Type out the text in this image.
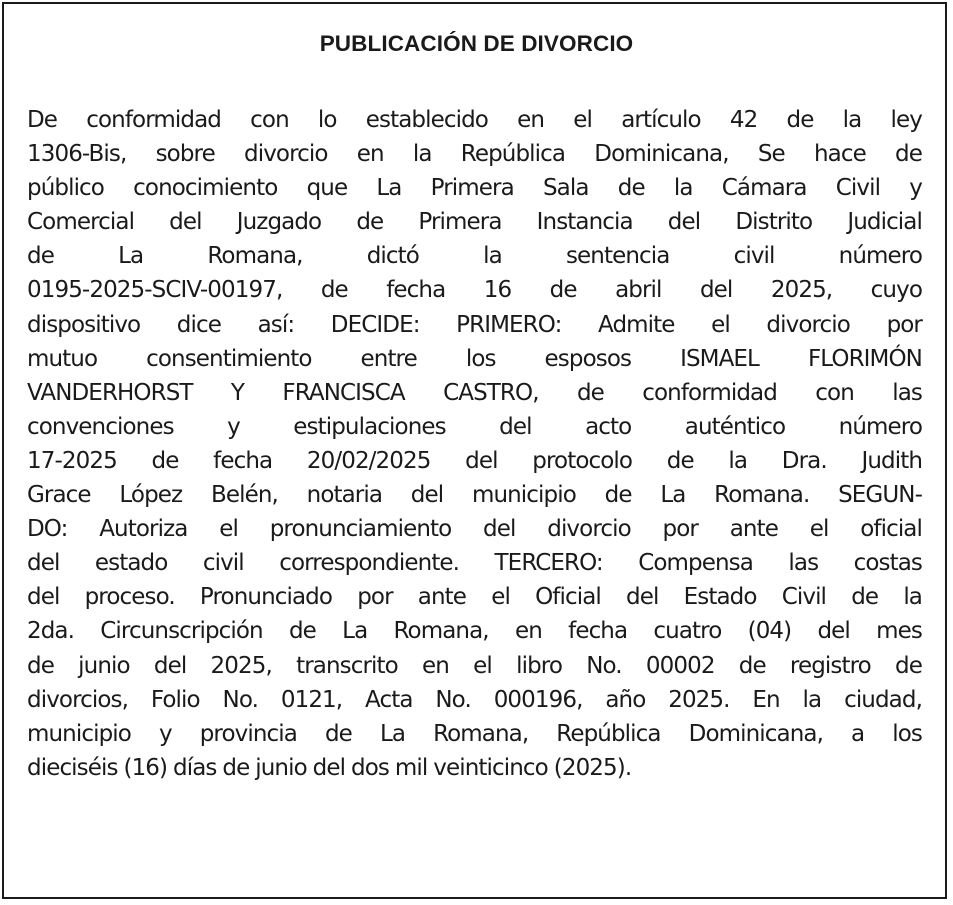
PUBLICACIÓN DE DIVORCIO
De conformidad con lo establecido en el artículo 42 de la ley
1306-Bis, sobre divorcio en la República Dominicana, Se hace de
público conocimiento que La Primera Sala de la Cámara Civil y
Comercial del Juzgado de Primera Instancia del Distrito Judicial
de La Romana, dictó la sentencia civil número
0195-2025-SCIV-00197, de fecha 16 de abril del 2025, cuyo
dispositivo dice así: DECIDE: PRIMERO: Admite el divorcio por
mutuo consentimiento entre los esposos ISMAEL FLORIMÓN
VANDERHORST Y FRANCISCA CASTRO, de conformidad con las
convenciones y estipulaciones del acto auténtico número
17-2025 de fecha 20/02/2025 del protocolo de la Dra. Judith
Grace López Belén, notaria del municipio de La Romana. SEGUN-
DO: Autoriza el pronunciamiento del divorcio por ante el oficial
del estado civil correspondiente. TERCERO: Compensa las costas
del proceso. Pronunciado por ante el Oficial del Estado Civil de la
2da. Circunscripción de La Romana, en fecha cuatro (04) del mes
de junio del 2025, transcrito en el libro No. 00002 de registro de
divorcios, Folio No. 0121, Acta No. 000196, año 2025. En la ciudad,
municipio y provincia de La Romana, República Dominicana, a los
dieciséis (16) días de junio del dos mil veinticinco (2025).
